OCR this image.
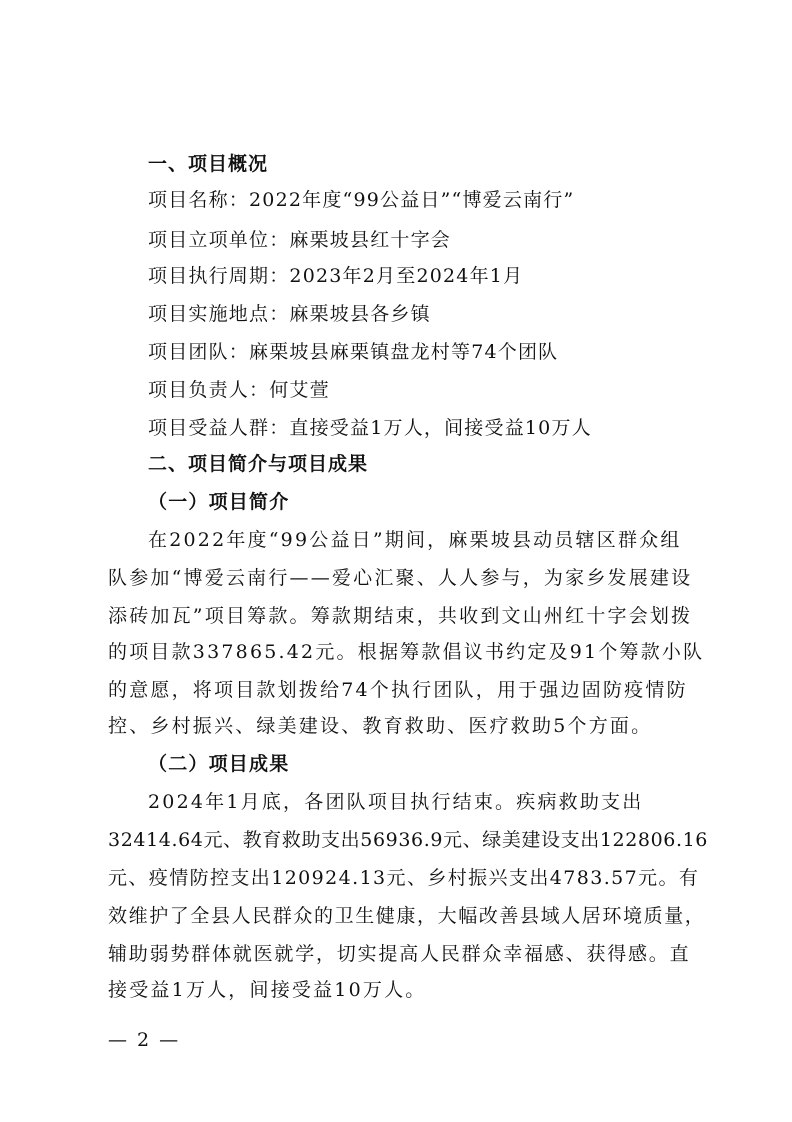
一、项目概况
项目名称：2022年度“99公益日”“博爱云南行”
项目立项单位：麻栗坡县红十字会
项目执行周期：2023年2月至2024年1月
项目实施地点：麻栗坡县各乡镇
项目团队：麻栗坡县麻栗镇盘龙村等74个团队
项目负责人：何艾萱
项目受益人群：直接受益1万人，间接受益10万人
二、项目简介与项目成果
（一）项目简介
在2022年度“99公益日”期间，麻栗坡县动员辖区群众组
队参加“博爱云南行——爱心汇聚、人人参与，为家乡发展建设
添砖加瓦”项目筹款。筹款期结束，共收到文山州红十字会划拨
的项目款337865.42元。根据筹款倡议书约定及91个筹款小队
的意愿，将项目款划拨给74个执行团队，用于强边固防疫情防
控、乡村振兴、绿美建设、教育救助、医疗救助5个方面。
（二）项目成果
2024年1月底，各团队项目执行结束。疾病救助支出
32414.64元、教育救助支出56936.9元、绿美建设支出122806.16
元、疫情防控支出120924.13元、乡村振兴支出4783.57元。有
效维护了全县人民群众的卫生健康，大幅改善县域人居环境质量，
辅助弱势群体就医就学，切实提高人民群众幸福感、获得感。直
接受益1万人，间接受益10万人。
— 2 —
